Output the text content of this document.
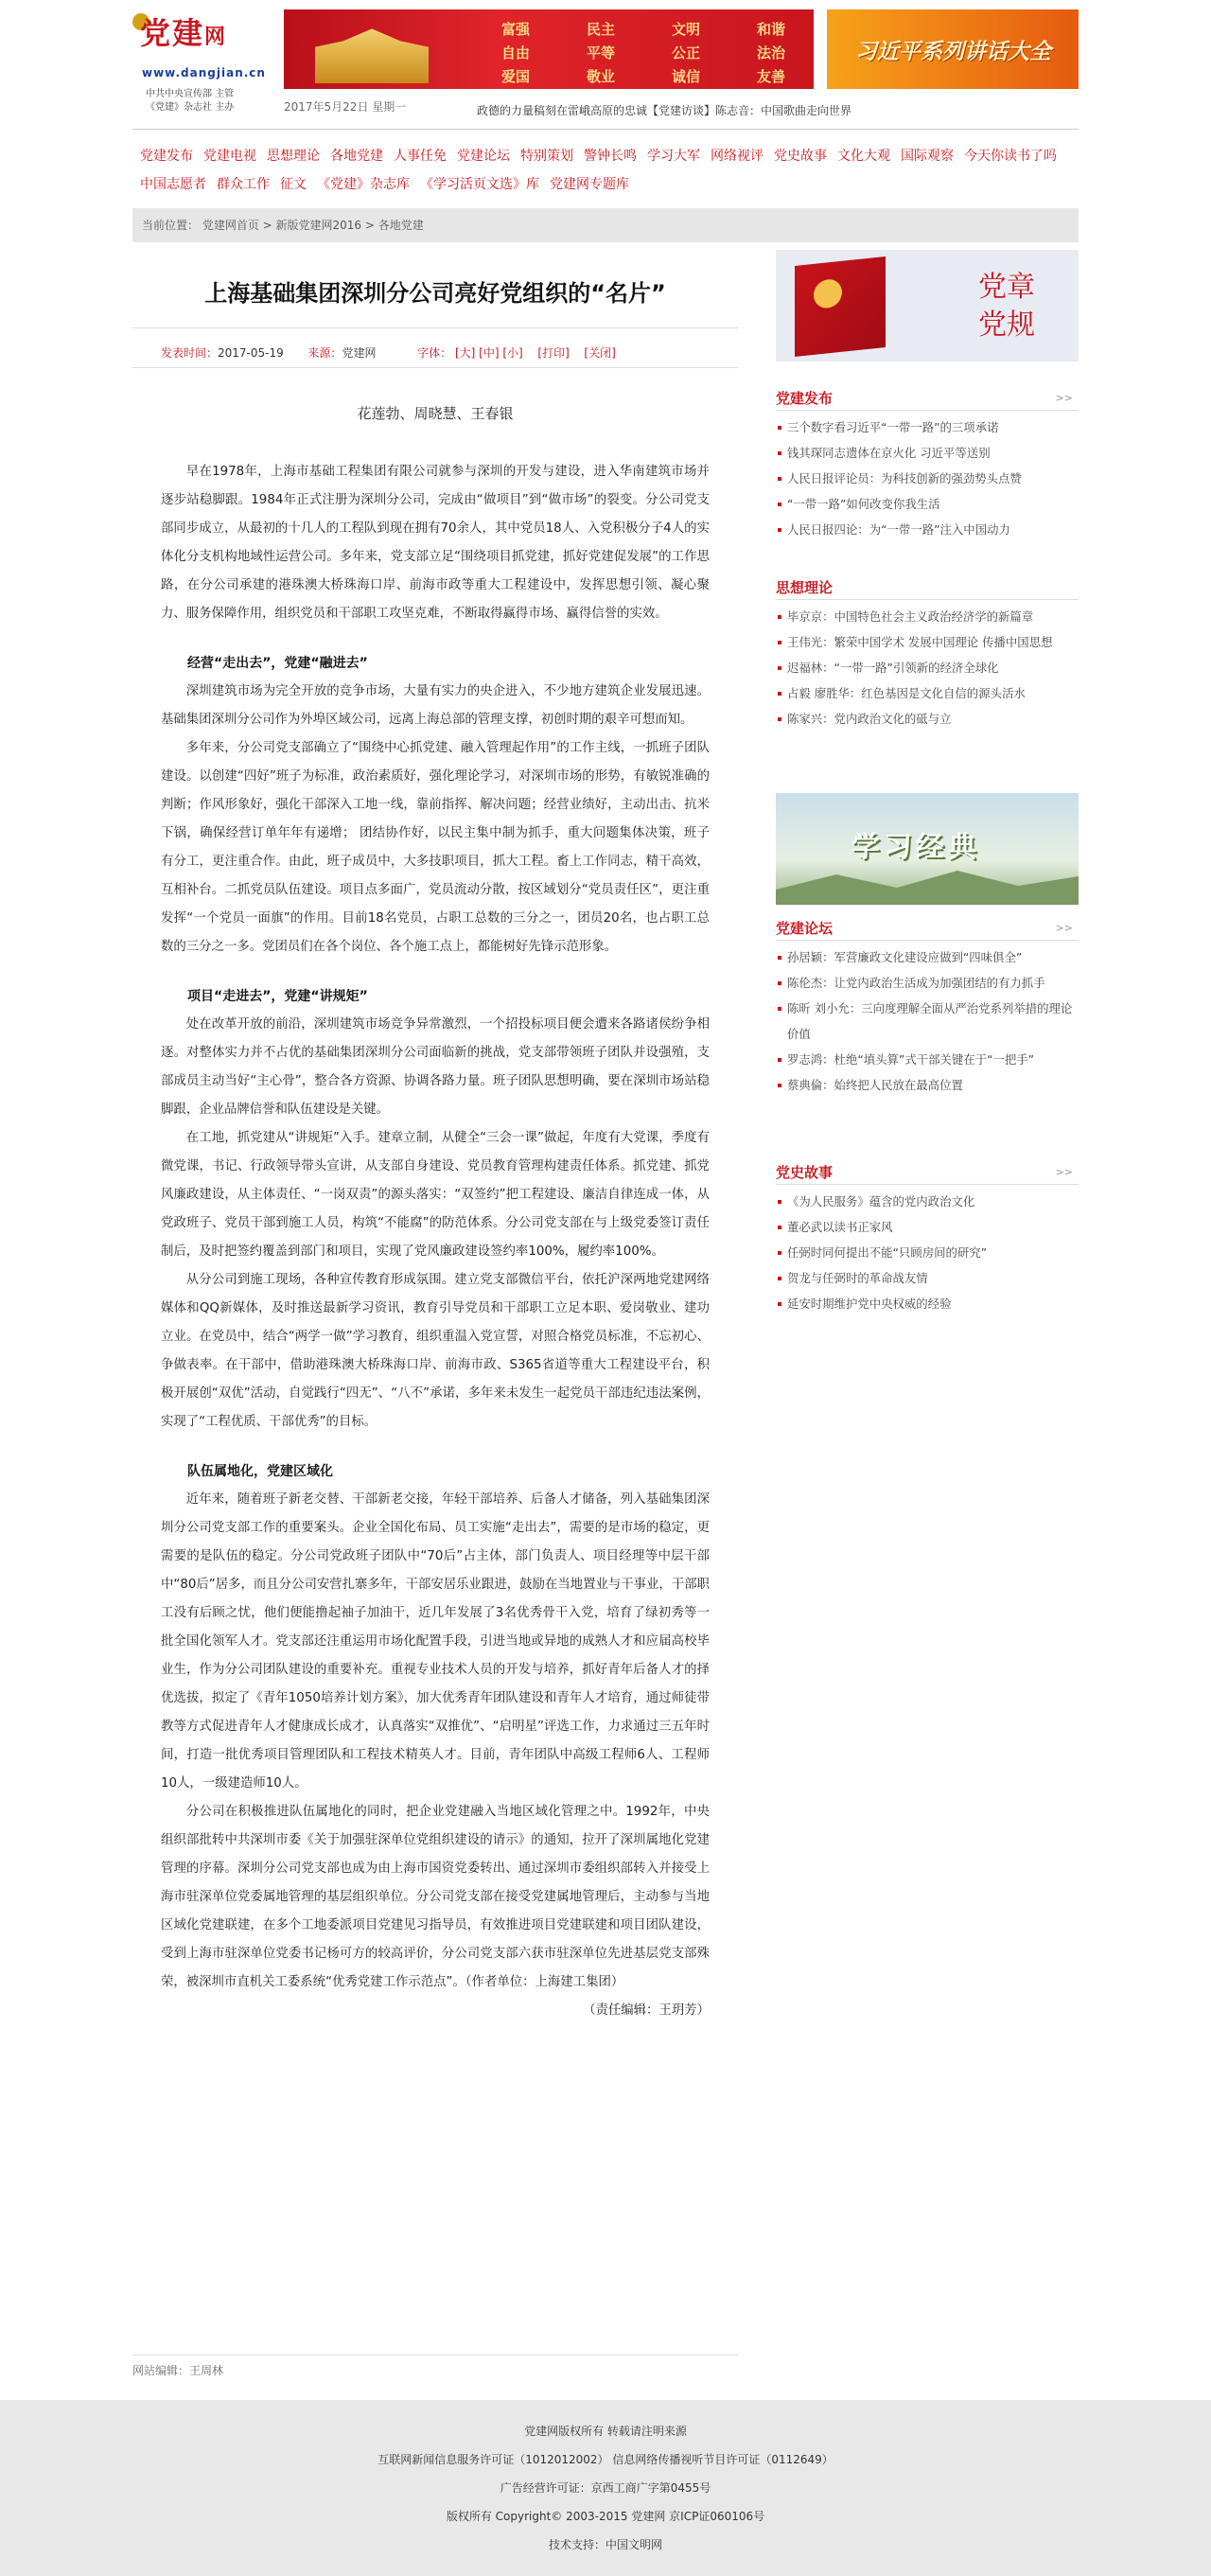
党建网
www.dangjian.cn
中共中央宣传部 主管
《党建》杂志社 主办
富强	民主	文明	和谐
自由	平等	公正	法治
爱国	敬业	诚信	友善
习近平系列讲话大全
2017年5月22日 星期一	政德的力量稿刻在雷峨高原的忠诚【党建访谈】陈志音：中国歌曲走向世界
党建发布 党建电视 思想理论 各地党建 人事任免 党建论坛 特别策划 警钟长鸣 学习大军 网络视评 党史故事 文化大观 国际观察 今天你读书了吗中国志愿者 群众工作 征文 《党建》杂志库 《学习活页文选》库 党建网专题库
当前位置： 党建网首页 > 新版党建网2016 > 各地党建
上海基础集团深圳分公司亮好党组织的“名片”
发表时间：2017-05-19 来源：党建网	字体： [大] [中] [小] [打印] [关闭]
花莲勃、周晓慧、王春银

早在1978年，上海市基础工程集团有限公司就参与深圳的开发与建设，进入华南建筑市场并逐步站稳脚跟。1984年正式注册为深圳分公司，完成由“做项目”到“做市场”的裂变。分公司党支部同步成立，从最初的十几人的工程队到现在拥有70余人，其中党员18人、入党积极分子4人的实体化分支机构地域性运营公司。多年来，党支部立足“围绕项目抓党建，抓好党建促发展”的工作思路，在分公司承建的港珠澳大桥珠海口岸、前海市政等重大工程建设中，发挥思想引领、凝心聚力、服务保障作用，组织党员和干部职工攻坚克难，不断取得赢得市场、赢得信誉的实效。

经营“走出去”，党建“融进去”

深圳建筑市场为完全开放的竞争市场，大量有实力的央企进入，不少地方建筑企业发展迅速。基础集团深圳分公司作为外埠区域公司，远离上海总部的管理支撑，初创时期的艰辛可想而知。

多年来，分公司党支部确立了“围绕中心抓党建、融入管理起作用”的工作主线，一抓班子团队建设。以创建“四好”班子为标准，政治素质好，强化理论学习，对深圳市场的形势，有敏锐准确的判断；作风形象好，强化干部深入工地一线，靠前指挥、解决问题；经营业绩好，主动出击、抗米下锅，确保经营订单年年有递增； 团结协作好，以民主集中制为抓手，重大问题集体决策，班子有分工，更注重合作。由此，班子成员中，大多技职项目，抓大工程。畜上工作同志，精干高效，互相补台。二抓党员队伍建设。项目点多面广，党员流动分散，按区域划分“党员责任区”，更注重发挥“一个党员一面旗”的作用。目前18名党员，占职工总数的三分之一，团员20名，也占职工总数的三分之一多。党团员们在各个岗位、各个施工点上，都能树好先锋示范形象。

项目“走进去”，党建“讲规矩”

处在改革开放的前沿，深圳建筑市场竞争异常激烈，一个招投标项目便会遭来各路诸侯纷争相逐。对整体实力并不占优的基础集团深圳分公司面临新的挑战，党支部带领班子团队并设强殖，支部成员主动当好“主心骨”，整合各方资源、协调各路力量。班子团队思想明确，要在深圳市场站稳脚跟，企业品牌信誉和队伍建设是关键。

在工地，抓党建从“讲规矩”入手。建章立制，从健全“三会一课”做起，年度有大党课，季度有微党课，书记、行政领导带头宣讲，从支部自身建设、党员教育管理构建责任体系。抓党建、抓党风廉政建设，从主体责任、“一岗双责”的源头落实：“双签约”把工程建设、廉洁自律连成一体，从党政班子、党员干部到施工人员，构筑“不能腐”的防范体系。分公司党支部在与上级党委签订责任制后，及时把签约覆盖到部门和项目，实现了党风廉政建设签约率100%，履约率100%。

从分公司到施工现场，各种宣传教育形成氛围。建立党支部微信平台，依托沪深两地党建网络媒体和QQ新媒体，及时推送最新学习资讯，教育引导党员和干部职工立足本职、爱岗敬业、建功立业。在党员中，结合“两学一做”学习教育，组织重温入党宣誓，对照合格党员标准，不忘初心、争做表率。在干部中，借助港珠澳大桥珠海口岸、前海市政、S365省道等重大工程建设平台，积极开展创“双优”活动，自觉践行“四无”、“八不”承诺，多年来未发生一起党员干部违纪违法案例，实现了“工程优质、干部优秀”的目标。

队伍属地化，党建区域化

近年来，随着班子新老交替、干部新老交接，年轻干部培养、后备人才储备，列入基础集团深圳分公司党支部工作的重要案头。企业全国化布局、员工实施“走出去”，需要的是市场的稳定，更需要的是队伍的稳定。分公司党政班子团队中“70后”占主体，部门负责人、项目经理等中层干部中“80后”居多，而且分公司安营扎寨多年，干部安居乐业跟进，鼓励在当地置业与干事业，干部职工没有后顾之忧，他们便能撸起袖子加油干，近几年发展了3名优秀骨干入党，培育了绿初秀等一批全国化领军人才。党支部还注重运用市场化配置手段，引进当地或异地的成熟人才和应届高校毕业生，作为分公司团队建设的重要补充。重视专业技术人员的开发与培养，抓好青年后备人才的择优选拔，拟定了《青年1050培养计划方案》，加大优秀青年团队建设和青年人才培育，通过师徒带教等方式促进青年人才健康成长成才，认真落实“双推优”、“启明星”评选工作，力求通过三五年时间，打造一批优秀项目管理团队和工程技术精英人才。目前，青年团队中高级工程师6人、工程师10人，一级建造师10人。

分公司在积极推进队伍属地化的同时，把企业党建融入当地区域化管理之中。1992年，中央组织部批转中共深圳市委《关于加强驻深单位党组织建设的请示》的通知，拉开了深圳属地化党建管理的序幕。深圳分公司党支部也成为由上海市国资党委转出、通过深圳市委组织部转入并接受上海市驻深单位党委属地管理的基层组织单位。分公司党支部在接受党建属地管理后，主动参与当地区域化党建联建，在多个工地委派项目党建见习指导员，有效推进项目党建联建和项目团队建设，受到上海市驻深单位党委书记杨可方的较高评价，分公司党支部六获市驻深单位先进基层党支部殊荣，被深圳市直机关工委系统“优秀党建工作示范点”。（作者单位：上海建工集团）

（责任编辑：王玥芳）

网站编辑：王周林
党章党规
党建发布	>>
三个数字看习近平“一带一路”的三项承诺
钱其琛同志遗体在京火化 习近平等送别
人民日报评论员：为科技创新的强劲势头点赞
“一带一路”如何改变你我生活
人民日报四论：为“一带一路”注入中国动力
思想理论
毕京京：中国特色社会主义政治经济学的新篇章
王伟光：繁荣中国学术 发展中国理论 传播中国思想
迟福林：“一带一路”引领新的经济全球化
占毅 廖胜华：红色基因是文化自信的源头活水
陈家兴：党内政治文化的砥与立
学习经典
党建论坛	>>
孙居颖：军营廉政文化建设应做到“四味俱全”
陈伦杰：让党内政治生活成为加强团结的有力抓手
陈昕 刘小允：三向度理解全面从严治党系列举措的理论价值
罗志鸿：杜绝“填头算”式干部关键在于“一把手”
蔡典倫：始终把人民放在最高位置
党史故事	>>
《为人民服务》蕴含的党内政治文化
董必武以读书正家风
任弼时同何提出不能“只顾房间的研究”
贺龙与任弼时的革命战友情
延安时期维护党中央权威的经验
党建网版权所有 转载请注明来源
互联网新闻信息服务许可证（1012012002） 信息网络传播视听节目许可证（0112649）
广告经营许可证：京西工商广字第0455号
版权所有 Copyright© 2003-2015 党建网 京ICP证060106号
技术支持：中国文明网
